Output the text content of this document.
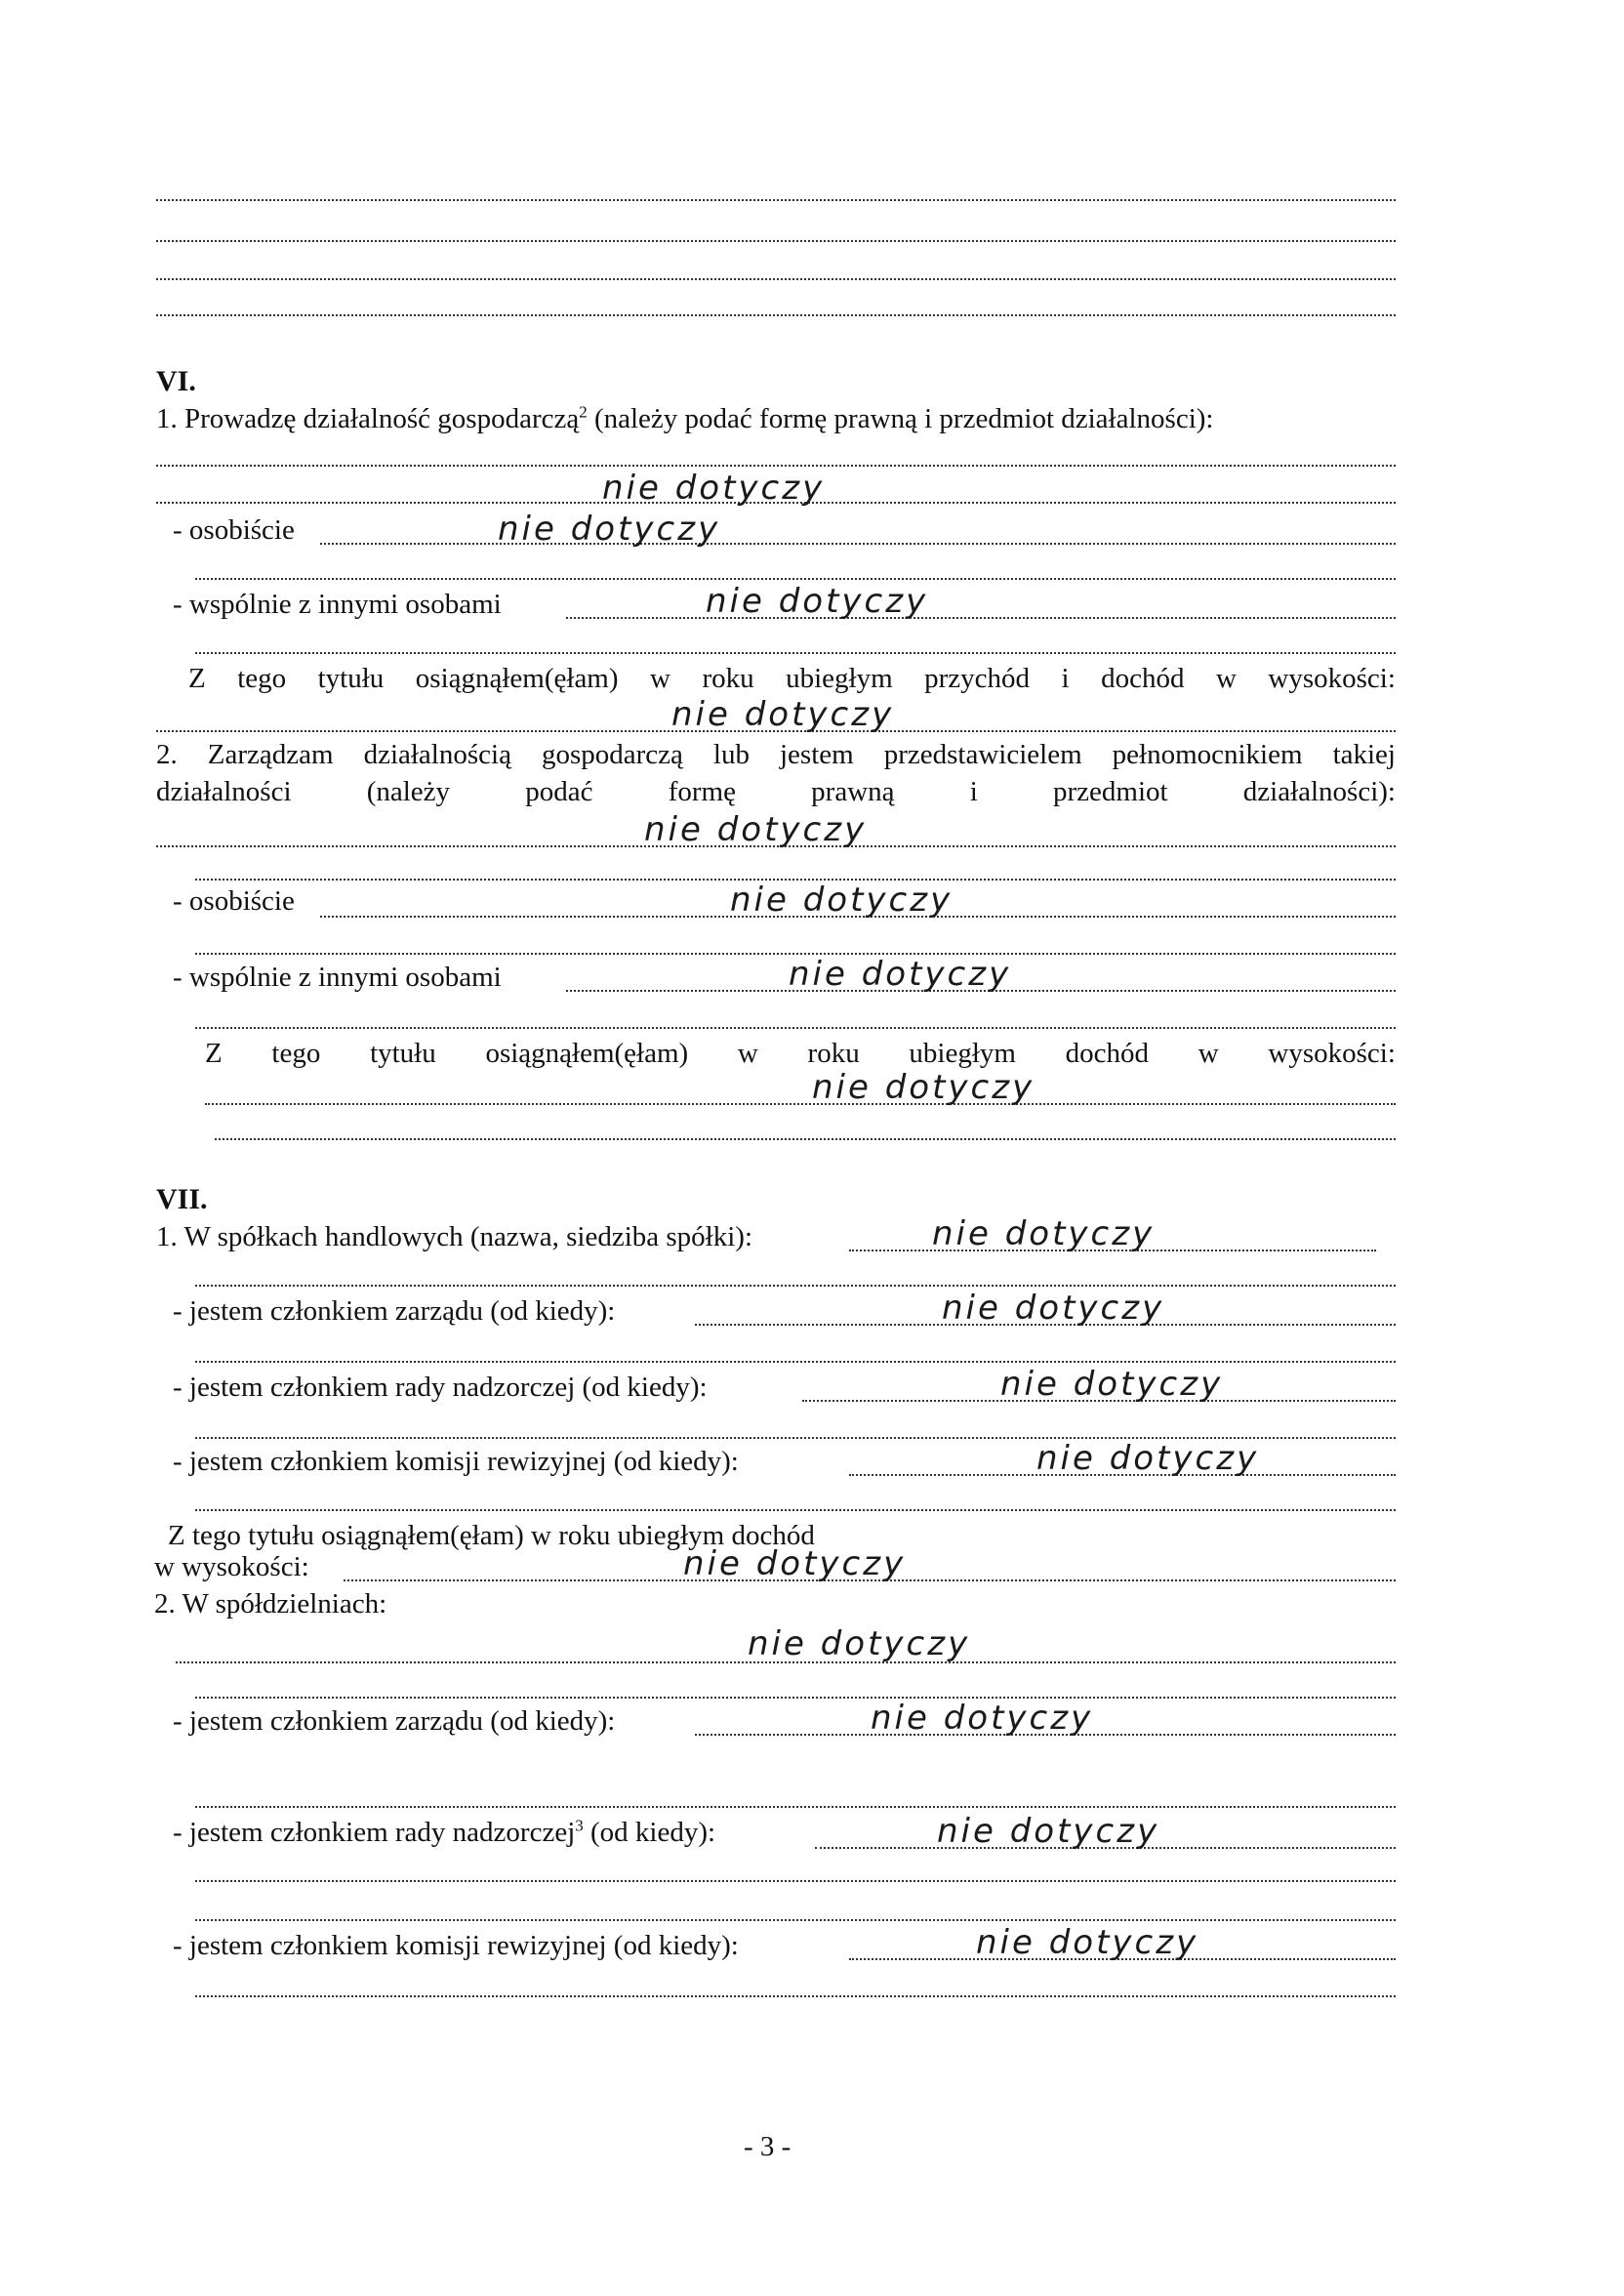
VI.
1. Prowadzę działalność gospodarczą$^2$ (należy podać formę prawną i przedmiot działalności):
nie dotyczy
- osobiście	nie dotyczy
- wspólnie z innymi osobami	nie dotyczy
Z tego tytułu osiągnąłem(ęłam) w roku ubiegłym przychód i dochód w wysokości:
nie dotyczy
2. Zarządzam działalnością gospodarczą lub jestem przedstawicielem pełnomocnikiem takiej
działalności	(należy	podać	formę	prawną	i	przedmiot	działalności):
nie dotyczy
- osobiście	nie dotyczy
- wspólnie z innymi osobami	nie dotyczy
Z tego tytułu osiągnąłem(ęłam) w roku ubiegłym dochód w wysokości:
nie dotyczy
VII.
1. W spółkach handlowych (nazwa, siedziba spółki):	nie dotyczy
- jestem członkiem zarządu (od kiedy):	nie dotyczy
- jestem członkiem rady nadzorczej (od kiedy):	nie dotyczy
- jestem członkiem komisji rewizyjnej (od kiedy):	nie dotyczy
Z tego tytułu osiągnąłem(ęłam) w roku ubiegłym dochód
w wysokości:	nie dotyczy
2. W spółdzielniach:
nie dotyczy
- jestem członkiem zarządu (od kiedy):	nie dotyczy
- jestem członkiem rady nadzorczej$^3$ (od kiedy):	nie dotyczy
- jestem członkiem komisji rewizyjnej (od kiedy):	nie dotyczy
- 3 -
